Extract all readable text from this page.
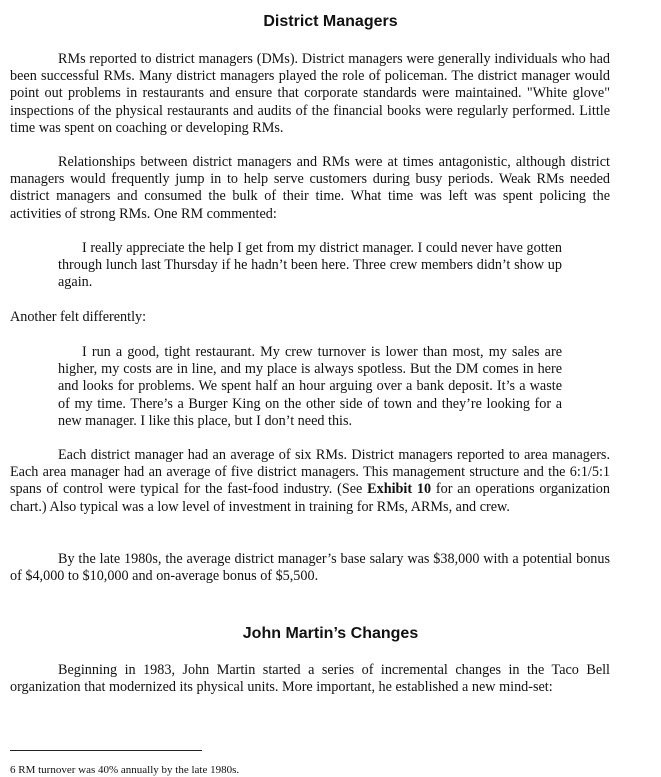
District Managers

RMs reported to district managers (DMs). District managers were generally individuals who had been successful RMs. Many district managers played the role of policeman. The district manager would point out problems in restaurants and ensure that corporate standards were maintained. "White glove" inspections of the physical restaurants and audits of the financial books were regularly performed. Little time was spent on coaching or developing RMs.

Relationships between district managers and RMs were at times antagonistic, although district managers would frequently jump in to help serve customers during busy periods. Weak RMs needed district managers and consumed the bulk of their time. What time was left was spent policing the activities of strong RMs. One RM commented:

I really appreciate the help I get from my district manager. I could never have gotten through lunch last Thursday if he hadn’t been here. Three crew members didn’t show up again.

Another felt differently:

I run a good, tight restaurant. My crew turnover is lower than most, my sales are higher, my costs are in line, and my place is always spotless. But the DM comes in here and looks for problems. We spent half an hour arguing over a bank deposit. It’s a waste of my time. There’s a Burger King on the other side of town and they’re looking for a new manager. I like this place, but I don’t need this.

Each district manager had an average of six RMs. District managers reported to area managers. Each area manager had an average of five district managers. This management structure and the 6:1/5:1 spans of control were typical for the fast-food industry. (See Exhibit 10 for an operations organization chart.) Also typical was a low level of investment in training for RMs, ARMs, and crew.

By the late 1980s, the average district manager’s base salary was $38,000 with a potential bonus of $4,000 to $10,000 and on-average bonus of $5,500.

John Martin’s Changes

Beginning in 1983, John Martin started a series of incremental changes in the Taco Bell organization that modernized its physical units. More important, he established a new mind-set:

6 RM turnover was 40% annually by the late 1980s.
